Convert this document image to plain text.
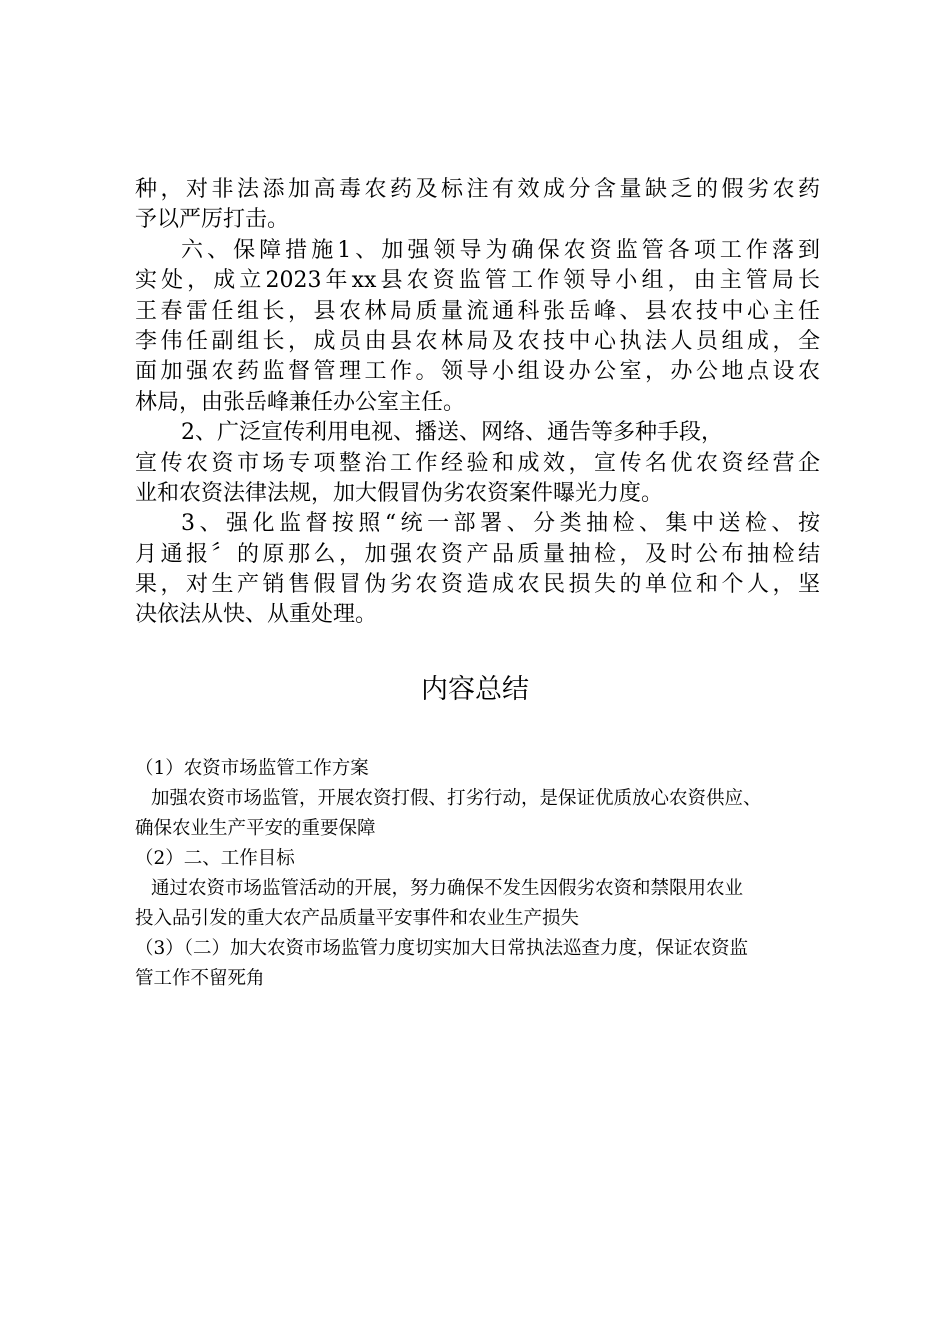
种，对非法添加高毒农药及标注有效成分含量缺乏的假劣农药
予以严厉打击。
六、保障措施1、加强领导为确保农资监管各项工作落到
实处，成立2023年xx县农资监管工作领导小组，由主管局长
王春雷任组长，县农林局质量流通科张岳峰、县农技中心主任
李伟任副组长，成员由县农林局及农技中心执法人员组成，全
面加强农药监督管理工作。领导小组设办公室，办公地点设农
林局，由张岳峰兼任办公室主任。
2、广泛宣传利用电视、播送、网络、通告等多种手段，
宣传农资市场专项整治工作经验和成效，宣传名优农资经营企
业和农资法律法规，加大假冒伪劣农资案件曝光力度。
3、强化监督按照“统一部署、分类抽检、集中送检、按
月通报〞的原那么，加强农资产品质量抽检，及时公布抽检结
果，对生产销售假冒伪劣农资造成农民损失的单位和个人，坚
决依法从快、从重处理。
内容总结
（1）农资市场监管工作方案
加强农资市场监管，开展农资打假、打劣行动，是保证优质放心农资供应、
确保农业生产平安的重要保障
（2）二、工作目标
通过农资市场监管活动的开展，努力确保不发生因假劣农资和禁限用农业
投入品引发的重大农产品质量平安事件和农业生产损失
（3）（二）加大农资市场监管力度切实加大日常执法巡查力度，保证农资监
管工作不留死角
